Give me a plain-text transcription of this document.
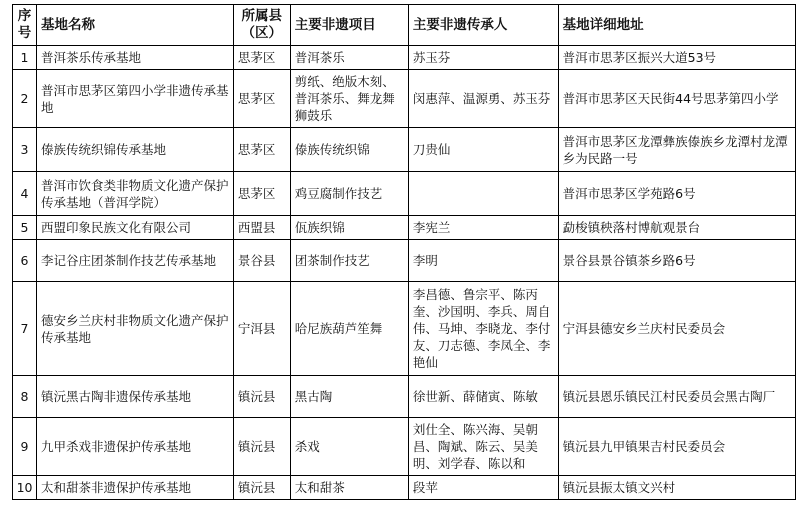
序号	基地名称	所属县（区）	主要非遗项目	主要非遗传承人	基地详细地址
1	普洱茶乐传承基地	思茅区	普洱茶乐	苏玉芬	普洱市思茅区振兴大道53号
2	普洱市思茅区第四小学非遗传承基地	思茅区	剪纸、绝版木刻、普洱茶乐、舞龙舞狮鼓乐	闵惠萍、温源勇、苏玉芬	普洱市思茅区天民街44号思茅第四小学
3	傣族传统织锦传承基地	思茅区	傣族传统织锦	刀贵仙	普洱市思茅区龙潭彝族傣族乡龙潭村龙潭乡为民路一号
4	普洱市饮食类非物质文化遗产保护传承基地（普洱学院）	思茅区	鸡豆腐制作技艺		普洱市思茅区学苑路6号
5	西盟印象民族文化有限公司	西盟县	佤族织锦	李宪兰	勐梭镇秧落村博航观景台
6	李记谷庄团茶制作技艺传承基地	景谷县	团茶制作技艺	李明	景谷县景谷镇茶乡路6号
7	德安乡兰庆村非物质文化遗产保护传承基地	宁洱县	哈尼族葫芦笙舞	李昌德、鲁宗平、陈丙奎、沙国明、李兵、周自伟、马坤、李晓龙、李付友、刀志德、李凤全、李艳仙	宁洱县德安乡兰庆村民委员会
8	镇沅黑古陶非遗保传承基地	镇沅县	黑古陶	徐世新、薛储寅、陈敏	镇沅县恩乐镇民江村民委员会黑古陶厂
9	九甲杀戏非遗保护传承基地	镇沅县	杀戏	刘仕全、陈兴海、吴朝昌、陶斌、陈云、吴美明、刘学春、陈以和	镇沅县九甲镇果吉村民委员会
10	太和甜茶非遗保护传承基地	镇沅县	太和甜茶	段苹	镇沅县振太镇文兴村
